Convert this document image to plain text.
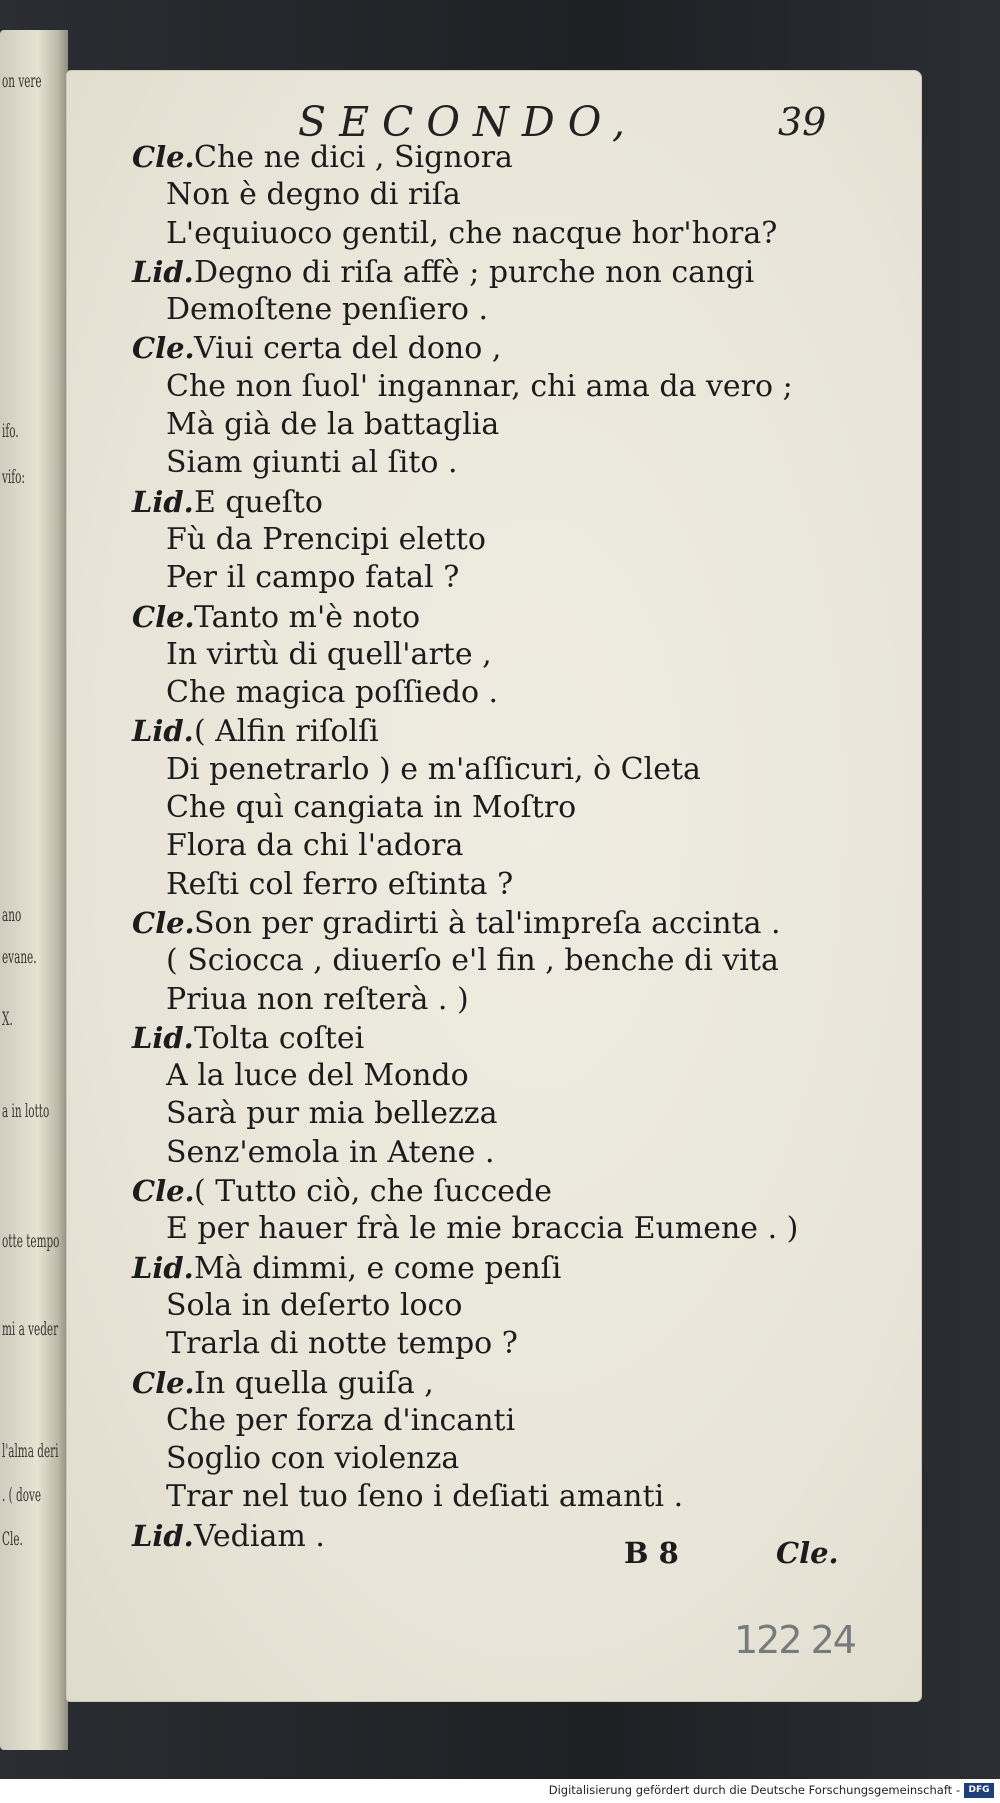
on vere
ifo.
vifo:
ano
evane.
X.
a in lotto
otte tempo
mi a veder
l'alma deri
. ( dove
Cle.
SECONDO,	39
Cle.Che ne dici , Signora
Non è degno di riſa
L'equiuoco gentil, che nacque hor'hora?
Lid.Degno di riſa affè ; purche non cangi
Demoſtene penſiero .
Cle.Viui certa del dono ,
Che non ſuol' ingannar, chi ama da vero ;
Mà già de la battaglia
Siam giunti al ſito .
Lid.E queſto
Fù da Prencipi eletto
Per il campo fatal ?
Cle.Tanto m'è noto
In virtù di quell'arte ,
Che magica poſſiedo .
Lid.( Alfin riſolſi
Di penetrarlo ) e m'aſſicuri, ò Cleta
Che quì cangiata in Moſtro
Flora da chi l'adora
Reſti col ferro eſtinta ?
Cle.Son per gradirti à tal'impreſa accinta .
( Sciocca , diuerſo e'l fin , benche di vita
Priua non reſterà . )
Lid.Tolta coſtei
A la luce del Mondo
Sarà pur mia bellezza
Senz'emola in Atene .
Cle.( Tutto ciò, che ſuccede
E per hauer frà le mie braccia Eumene . )
Lid.Mà dimmi, e come penſi
Sola in deſerto loco
Trarla di notte tempo ?
Cle.In quella guiſa ,
Che per forza d'incanti
Soglio con violenza
Trar nel tuo ſeno i deſiati amanti .
Lid.Vediam .	B 8	Cle.
122 24
Digitalisierung gefördert durch die Deutsche Forschungsgemeinschaft - DFG
